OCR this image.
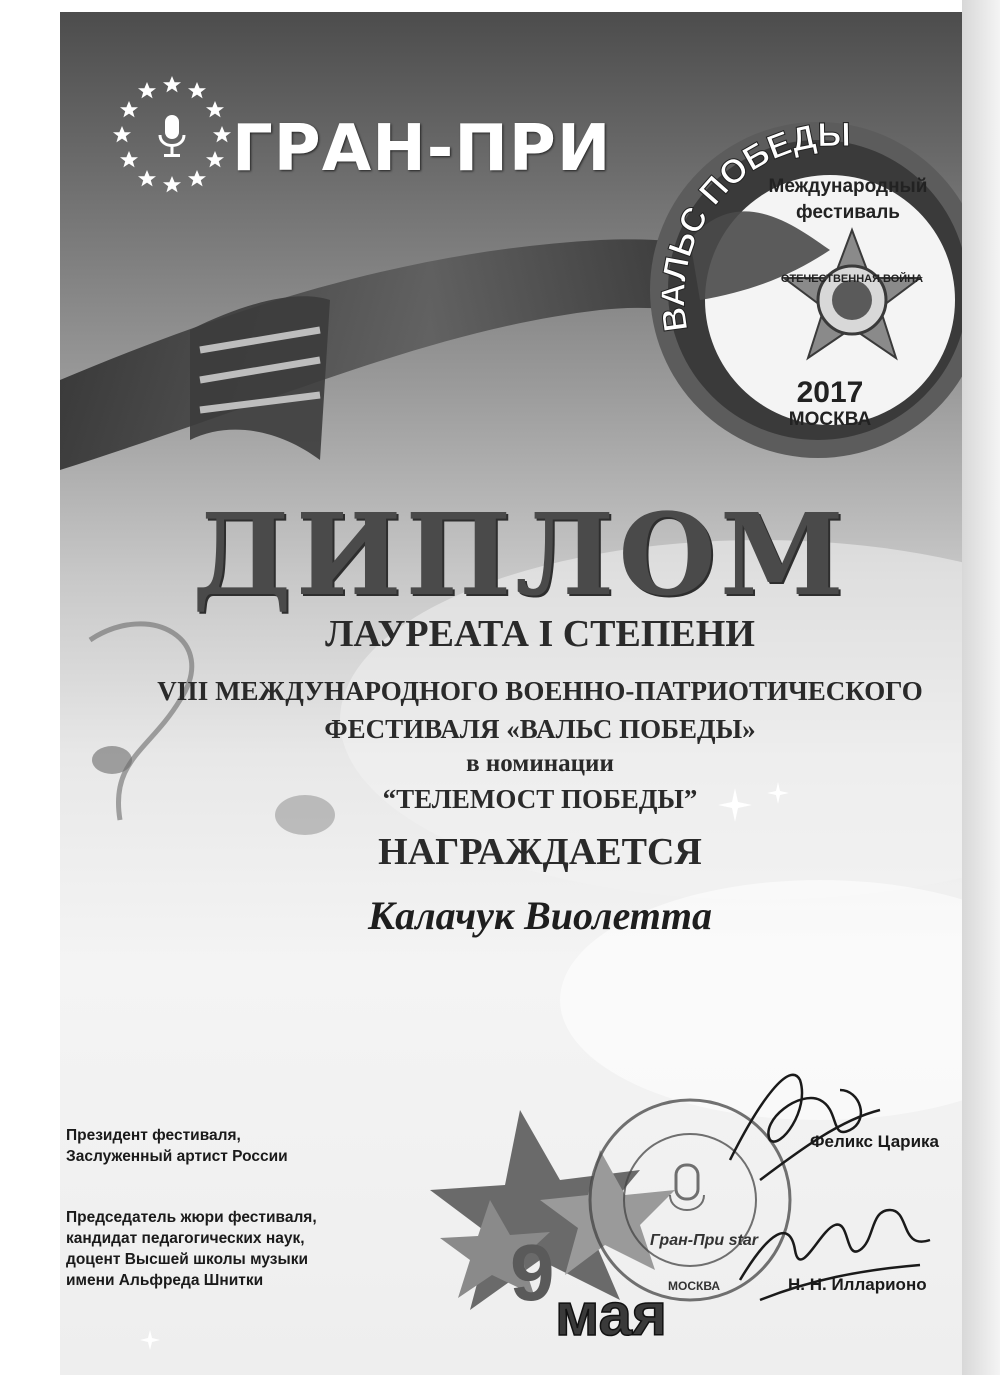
ВАЛЬС ПОБЕДЫ
Международный
фестиваль
ОТЕЧЕСТВЕННАЯ ВОЙНА
2017
МОСКВА
мая
9	Гран-При star
МОСКВА
ГРАН-ПРИ
ДИПЛОМ
ЛАУРЕАТА I СТЕПЕНИ
VIII МЕЖДУНАРОДНОГО ВОЕННО-ПАТРИОТИЧЕСКОГО
ФЕСТИВАЛЯ «ВАЛЬС ПОБЕДЫ»
в номинации
“ТЕЛЕМОСТ ПОБЕДЫ”
НАГРАЖДАЕТСЯ
Калачук Виолетта
Президент фестиваля,
Заслуженный артист России
Председатель жюри фестиваля,
кандидат педагогических наук,
доцент Высшей школы музыки
имени Альфреда Шнитки
Феликс Царика
Н. Н. Илларионо
